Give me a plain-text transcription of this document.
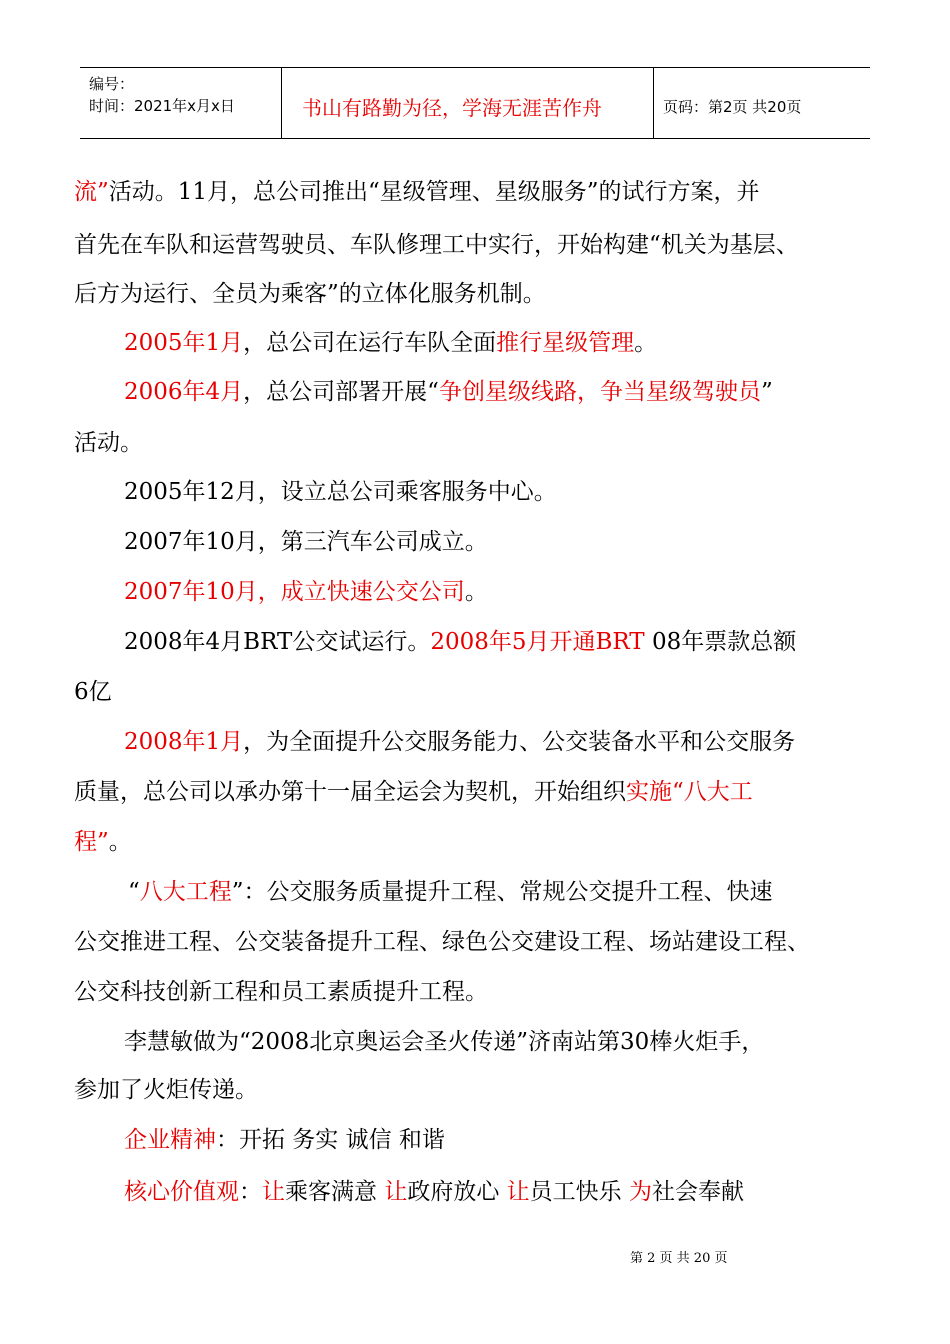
编号：
时间：2021年x月x日	书山有路勤为径，学海无涯苦作舟	页码：第2页 共20页
流”活动。11月，总公司推出“星级管理、星级服务”的试行方案，并
首先在车队和运营驾驶员、车队修理工中实行，开始构建“机关为基层、
后方为运行、全员为乘客”的立体化服务机制。
2005年1月，总公司在运行车队全面推行星级管理。
2006年4月，总公司部署开展“争创星级线路，争当星级驾驶员”
活动。
2005年12月，设立总公司乘客服务中心。
2007年10月，第三汽车公司成立。
2007年10月，成立快速公交公司。
2008年4月BRT公交试运行。2008年5月开通BRT 08年票款总额
6亿
2008年1月，为全面提升公交服务能力、公交装备水平和公交服务
质量，总公司以承办第十一届全运会为契机，开始组织实施“八大工
程”。
“八大工程”：公交服务质量提升工程、常规公交提升工程、快速
公交推进工程、公交装备提升工程、绿色公交建设工程、场站建设工程、
公交科技创新工程和员工素质提升工程。
李慧敏做为“2008北京奥运会圣火传递”济南站第30棒火炬手，
参加了火炬传递。
企业精神：开拓 务实 诚信 和谐
核心价值观：让乘客满意 让政府放心 让员工快乐 为社会奉献
第 2 页 共 20 页
